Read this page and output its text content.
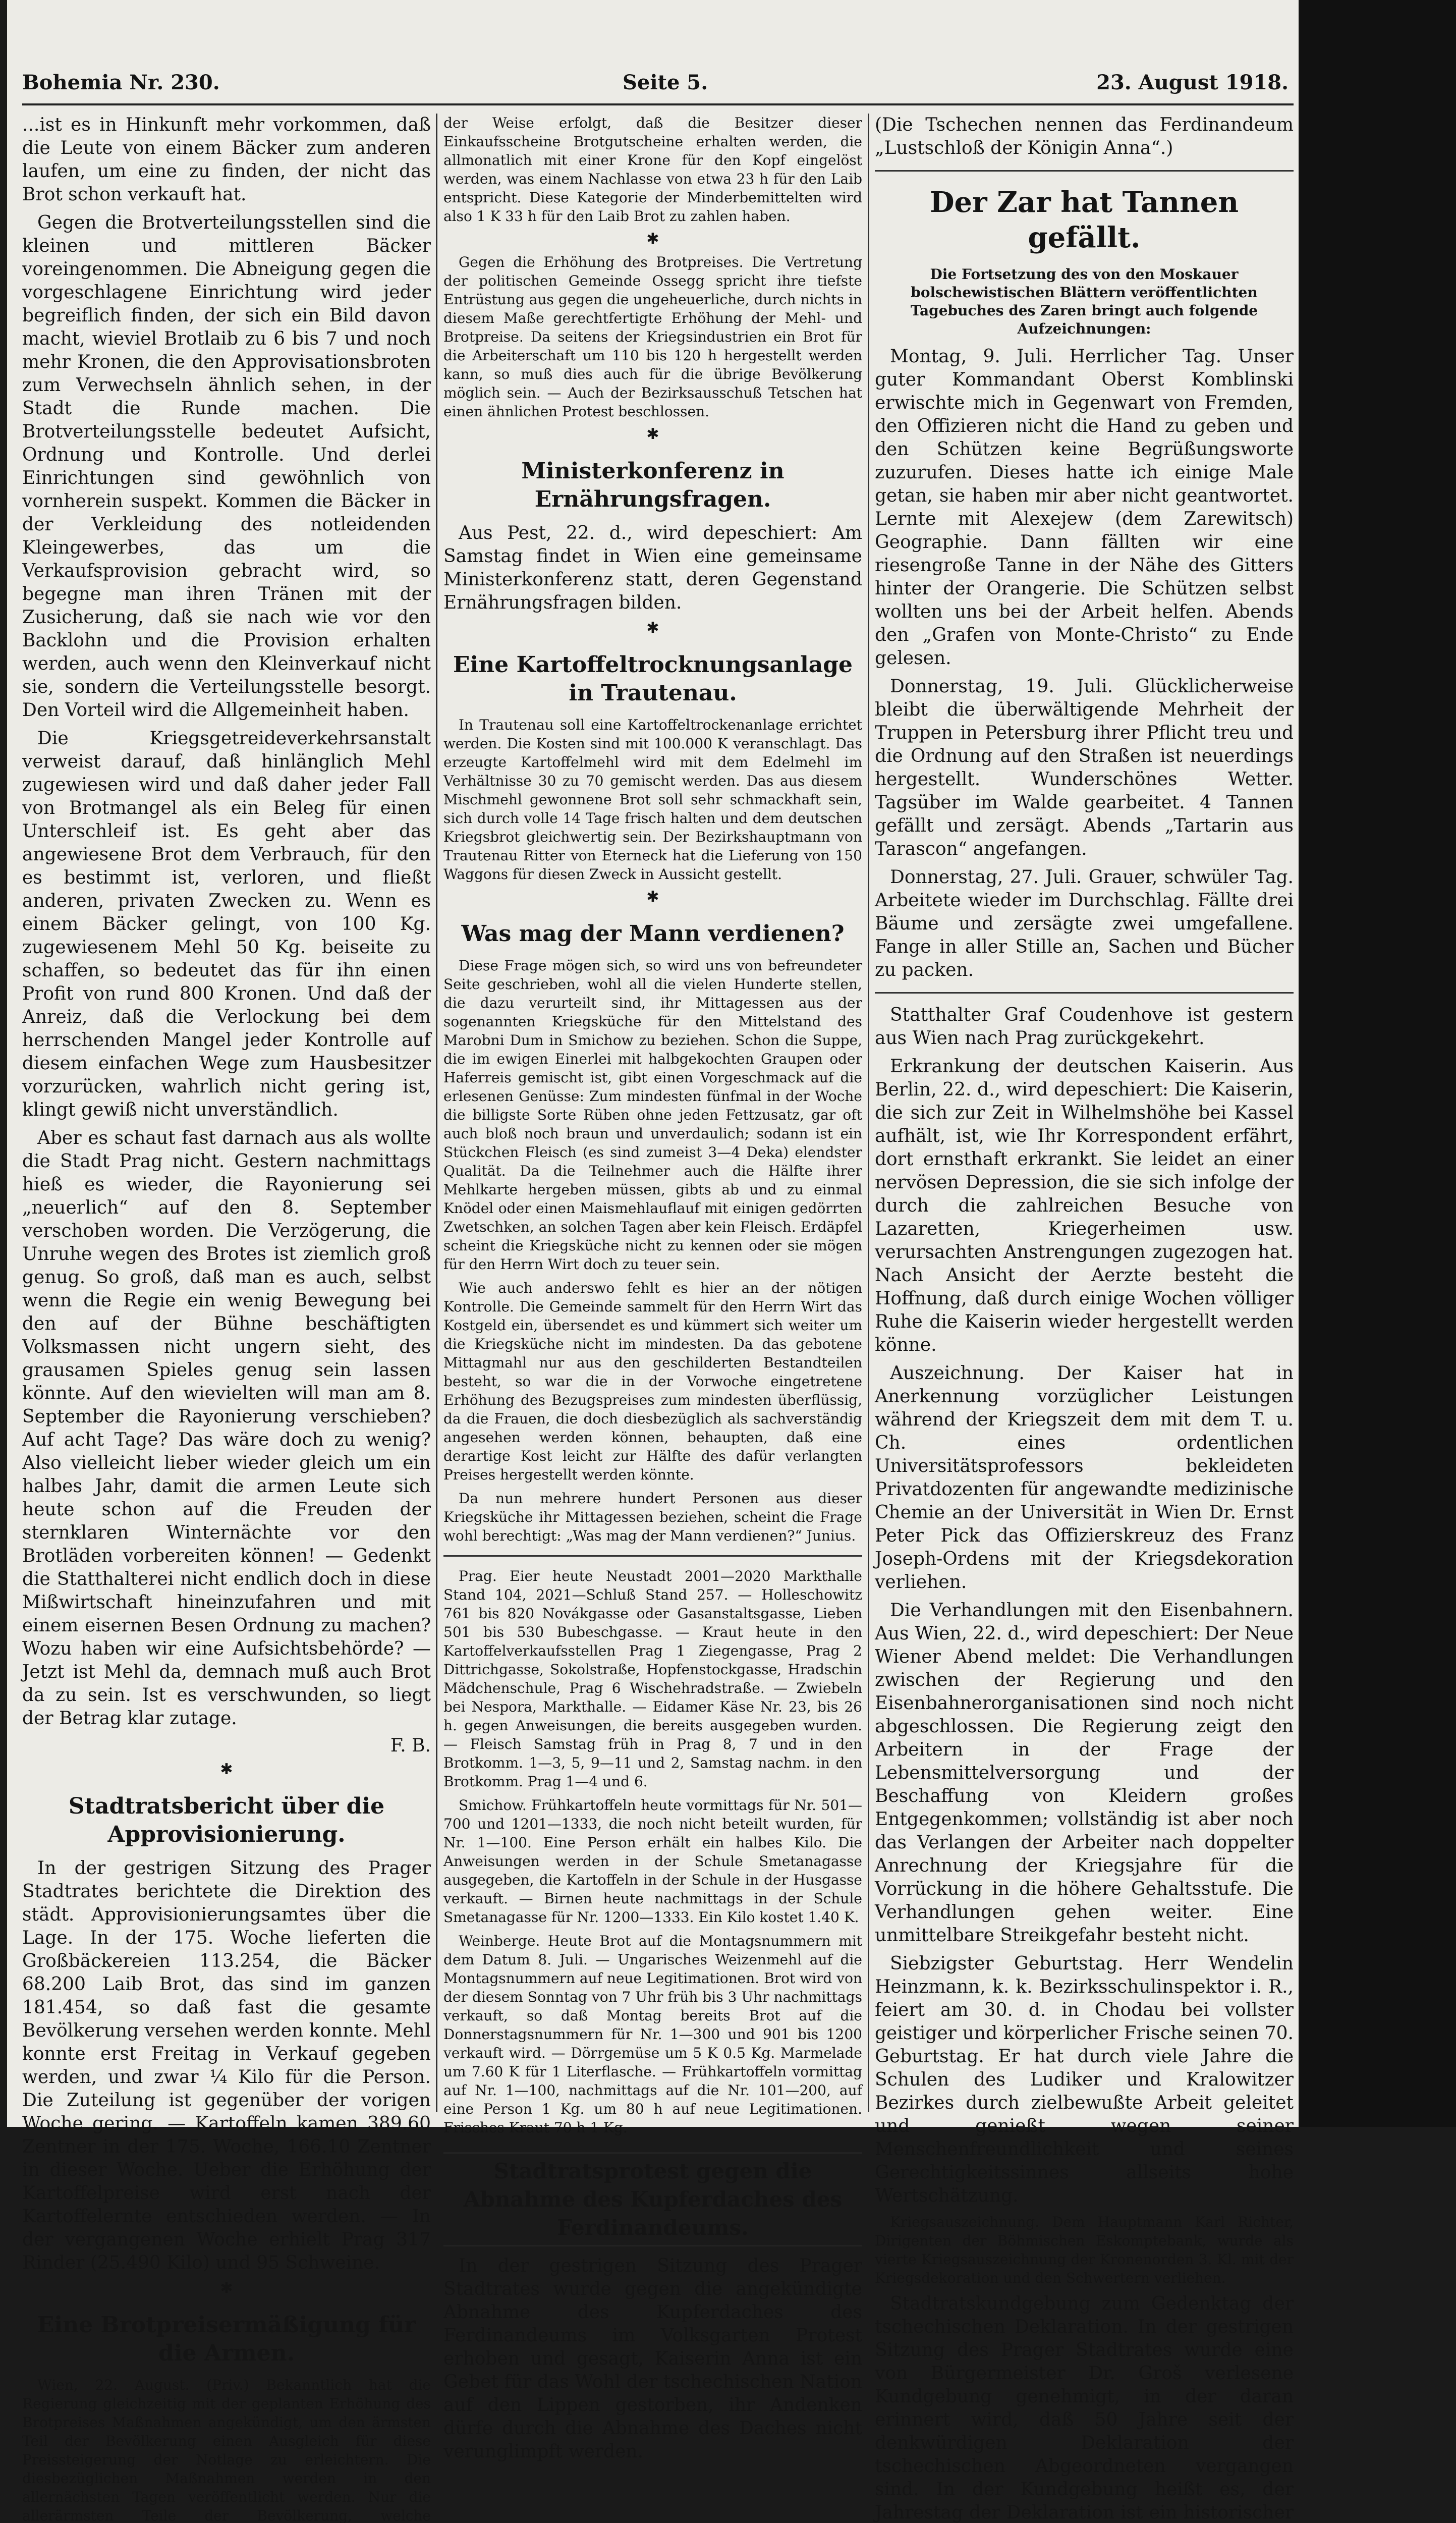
Bohemia Nr. 230.	Seite 5.	23. August 1918.

...ist es in Hinkunft mehr vorkommen, daß die Leute von einem Bäcker zum anderen laufen, um eine zu finden, der nicht das Brot schon verkauft hat.

Gegen die Brotverteilungsstellen sind die kleinen und mittleren Bäcker voreingenommen. Die Abneigung gegen die vorgeschlagene Einrichtung wird jeder begreiflich finden, der sich ein Bild davon macht, wieviel Brotlaib zu 6 bis 7 und noch mehr Kronen, die den Approvisationsbroten zum Verwechseln ähnlich sehen, in der Stadt die Runde machen. Die Brotverteilungsstelle bedeutet Aufsicht, Ordnung und Kontrolle. Und derlei Einrichtungen sind gewöhnlich von vornherein suspekt. Kommen die Bäcker in der Verkleidung des notleidenden Kleingewerbes, das um die Verkaufsprovision gebracht wird, so begegne man ihren Tränen mit der Zusicherung, daß sie nach wie vor den Backlohn und die Provision erhalten werden, auch wenn den Kleinverkauf nicht sie, sondern die Verteilungsstelle besorgt. Den Vorteil wird die Allgemeinheit haben.

Die Kriegsgetreideverkehrsanstalt verweist darauf, daß hinlänglich Mehl zugewiesen wird und daß daher jeder Fall von Brotmangel als ein Beleg für einen Unterschleif ist. Es geht aber das angewiesene Brot dem Verbrauch, für den es bestimmt ist, verloren, und fließt anderen, privaten Zwecken zu. Wenn es einem Bäcker gelingt, von 100 Kg. zugewiesenem Mehl 50 Kg. beiseite zu schaffen, so bedeutet das für ihn einen Profit von rund 800 Kronen. Und daß der Anreiz, daß die Verlockung bei dem herrschenden Mangel jeder Kontrolle auf diesem einfachen Wege zum Hausbesitzer vorzurücken, wahrlich nicht gering ist, klingt gewiß nicht unverständlich.

Aber es schaut fast darnach aus als wollte die Stadt Prag nicht. Gestern nachmittags hieß es wieder, die Rayonierung sei „neuerlich“ auf den 8. September verschoben worden. Die Verzögerung, die Unruhe wegen des Brotes ist ziemlich groß genug. So groß, daß man es auch, selbst wenn die Regie ein wenig Bewegung bei den auf der Bühne beschäftigten Volksmassen nicht ungern sieht, des grausamen Spieles genug sein lassen könnte. Auf den wievielten will man am 8. September die Rayonierung verschieben? Auf acht Tage? Das wäre doch zu wenig? Also vielleicht lieber wieder gleich um ein halbes Jahr, damit die armen Leute sich heute schon auf die Freuden der sternklaren Winternächte vor den Brotläden vorbereiten können! — Gedenkt die Statthalterei nicht endlich doch in diese Mißwirtschaft hineinzufahren und mit einem eisernen Besen Ordnung zu machen? Wozu haben wir eine Aufsichtsbehörde? — Jetzt ist Mehl da, demnach muß auch Brot da zu sein. Ist es verschwunden, so liegt der Betrag klar zutage.

F. B.

✱

Stadtratsbericht über die Approvisionierung.

In der gestrigen Sitzung des Prager Stadtrates berichtete die Direktion des städt. Approvisionierungsamtes über die Lage. In der 175. Woche lieferten die Großbäckereien 113.254, die Bäcker 68.200 Laib Brot, das sind im ganzen 181.454, so daß fast die gesamte Bevölkerung versehen werden konnte. Mehl konnte erst Freitag in Verkauf gegeben werden, und zwar ¼ Kilo für die Person. Die Zuteilung ist gegenüber der vorigen Woche gering. — Kartoffeln kamen 389.60 Zentner in der 175. Woche, 166.10 Zentner in dieser Woche. Ueber die Erhöhung der Kartoffelpreise wird erst nach der Kartoffelernte entschieden werden. — In der vergangenen Woche erhielt Prag 317 Rinder (25.490 Kilo) und 95 Schweine.

✱

Eine Brotpreisermäßigung für die Armen.

Wien, 22. August. (Priv.) Bekanntlich hat die Regierung gleichzeitig mit der geplanten Erhöhung des Brotpreises Maßnahmen angekündigt, um den ärmsten Teil der Bevölkerung einen Ausgleich für diese Preissteigerung der Notlage zu erleichtern. Die diesbezüglichen Maßnahmen werden in den allernächsten Tagen veröffentlicht werden. Nur die allerärmsten Teile der Bevölkerung, welche

der Weise erfolgt, daß die Besitzer dieser Einkaufsscheine Brotgutscheine erhalten werden, die allmonatlich mit einer Krone für den Kopf eingelöst werden, was einem Nachlasse von etwa 23 h für den Laib entspricht. Diese Kategorie der Minderbemittelten wird also 1 K 33 h für den Laib Brot zu zahlen haben.

✱

Gegen die Erhöhung des Brotpreises. Die Vertretung der politischen Gemeinde Ossegg spricht ihre tiefste Entrüstung aus gegen die ungeheuerliche, durch nichts in diesem Maße gerechtfertigte Erhöhung der Mehl- und Brotpreise. Da seitens der Kriegsindustrien ein Brot für die Arbeiterschaft um 110 bis 120 h hergestellt werden kann, so muß dies auch für die übrige Bevölkerung möglich sein. — Auch der Bezirksausschuß Tetschen hat einen ähnlichen Protest beschlossen.

✱

Ministerkonferenz in Ernährungsfragen.

Aus Pest, 22. d., wird depeschiert: Am Samstag findet in Wien eine gemeinsame Ministerkonferenz statt, deren Gegenstand Ernährungsfragen bilden.

✱

Eine Kartoffeltrocknungsanlage in Trautenau.

In Trautenau soll eine Kartoffeltrockenanlage errichtet werden. Die Kosten sind mit 100.000 K veranschlagt. Das erzeugte Kartoffelmehl wird mit dem Edelmehl im Verhältnisse 30 zu 70 gemischt werden. Das aus diesem Mischmehl gewonnene Brot soll sehr schmackhaft sein, sich durch volle 14 Tage frisch halten und dem deutschen Kriegsbrot gleichwertig sein. Der Bezirkshauptmann von Trautenau Ritter von Eterneck hat die Lieferung von 150 Waggons für diesen Zweck in Aussicht gestellt.

✱

Was mag der Mann verdienen?

Diese Frage mögen sich, so wird uns von befreundeter Seite geschrieben, wohl all die vielen Hunderte stellen, die dazu verurteilt sind, ihr Mittagessen aus der sogenannten Kriegsküche für den Mittelstand des Marobni Dum in Smichow zu beziehen. Schon die Suppe, die im ewigen Einerlei mit halbgekochten Graupen oder Haferreis gemischt ist, gibt einen Vorgeschmack auf die erlesenen Genüsse: Zum mindesten fünfmal in der Woche die billigste Sorte Rüben ohne jeden Fettzusatz, gar oft auch bloß noch braun und unverdaulich; sodann ist ein Stückchen Fleisch (es sind zumeist 3—4 Deka) elendster Qualität. Da die Teilnehmer auch die Hälfte ihrer Mehlkarte hergeben müssen, gibts ab und zu einmal Knödel oder einen Maismehlauflauf mit einigen gedörrten Zwetschken, an solchen Tagen aber kein Fleisch. Erdäpfel scheint die Kriegsküche nicht zu kennen oder sie mögen für den Herrn Wirt doch zu teuer sein.

Wie auch anderswo fehlt es hier an der nötigen Kontrolle. Die Gemeinde sammelt für den Herrn Wirt das Kostgeld ein, übersendet es und kümmert sich weiter um die Kriegsküche nicht im mindesten. Da das gebotene Mittagmahl nur aus den geschilderten Bestandteilen besteht, so war die in der Vorwoche eingetretene Erhöhung des Bezugspreises zum mindesten überflüssig, da die Frauen, die doch diesbezüglich als sachverständig angesehen werden können, behaupten, daß eine derartige Kost leicht zur Hälfte des dafür verlangten Preises hergestellt werden könnte.

Da nun mehrere hundert Personen aus dieser Kriegsküche ihr Mittagessen beziehen, scheint die Frage wohl berechtigt: „Was mag der Mann verdienen?“ Junius.

Prag. Eier heute Neustadt 2001—2020 Markthalle Stand 104, 2021—Schluß Stand 257. — Holleschowitz 761 bis 820 Novákgasse oder Gasanstaltsgasse, Lieben 501 bis 530 Bubeschgasse. — Kraut heute in den Kartoffelverkaufsstellen Prag 1 Ziegengasse, Prag 2 Dittrichgasse, Sokolstraße, Hopfenstockgasse, Hradschin Mädchenschule, Prag 6 Wischehradstraße. — Zwiebeln bei Nespora, Markthalle. — Eidamer Käse Nr. 23, bis 26 h. gegen Anweisungen, die bereits ausgegeben wurden. — Fleisch Samstag früh in Prag 8, 7 und in den Brotkomm. 1—3, 5, 9—11 und 2, Samstag nachm. in den Brotkomm. Prag 1—4 und 6.

Smichow. Frühkartoffeln heute vormittags für Nr. 501—700 und 1201—1333, die noch nicht beteilt wurden, für Nr. 1—100. Eine Person erhält ein halbes Kilo. Die Anweisungen werden in der Schule Smetanagasse ausgegeben, die Kartoffeln in der Schule in der Husgasse verkauft. — Birnen heute nachmittags in der Schule Smetanagasse für Nr. 1200—1333. Ein Kilo kostet 1.40 K.

Weinberge. Heute Brot auf die Montagsnummern mit dem Datum 8. Juli. — Ungarisches Weizenmehl auf die Montagsnummern auf neue Legitimationen. Brot wird von der diesem Sonntag von 7 Uhr früh bis 3 Uhr nachmittags verkauft, so daß Montag bereits Brot auf die Donnerstagsnummern für Nr. 1—300 und 901 bis 1200 verkauft wird. — Dörrgemüse um 5 K 0.5 Kg. Marmelade um 7.60 K für 1 Literflasche. — Frühkartoffeln vormittag auf Nr. 1—100, nachmittags auf die Nr. 101—200, auf eine Person 1 Kg. um 80 h auf neue Legitimationen. Frisches Kraut 70 h 1 Kg.

Stadtratsprotest gegen die Abnahme des Kupferdaches des Ferdinandeums.

In der gestrigen Sitzung des Prager Stadtrates wurde gegen die angekündigte Abnahme des Kupferdaches des Ferdinandeums im Volksgarten Protest erhoben und gesagt, Kaiserin Anna ist ein Gebet für das Wohl der tschechischen Nation auf den Lippen gestorben, ihr Andenken dürfe durch die Abnahme des Daches nicht verunglimpft werden.

(Die Tschechen nennen das Ferdinandeum „Lustschloß der Königin Anna“.)

Der Zar hat Tannen gefällt.

Die Fortsetzung des von den Moskauer bolschewistischen Blättern veröffentlichten Tagebuches des Zaren bringt auch folgende Aufzeichnungen:

Montag, 9. Juli. Herrlicher Tag. Unser guter Kommandant Oberst Komblinski erwischte mich in Gegenwart von Fremden, den Offizieren nicht die Hand zu geben und den Schützen keine Begrüßungsworte zuzurufen. Dieses hatte ich einige Male getan, sie haben mir aber nicht geantwortet. Lernte mit Alexejew (dem Zarewitsch) Geographie. Dann fällten wir eine riesengroße Tanne in der Nähe des Gitters hinter der Orangerie. Die Schützen selbst wollten uns bei der Arbeit helfen. Abends den „Grafen von Monte-Christo“ zu Ende gelesen.

Donnerstag, 19. Juli. Glücklicherweise bleibt die überwältigende Mehrheit der Truppen in Petersburg ihrer Pflicht treu und die Ordnung auf den Straßen ist neuerdings hergestellt. Wunderschönes Wetter. Tagsüber im Walde gearbeitet. 4 Tannen gefällt und zersägt. Abends „Tartarin aus Tarascon“ angefangen.

Donnerstag, 27. Juli. Grauer, schwüler Tag. Arbeitete wieder im Durchschlag. Fällte drei Bäume und zersägte zwei umgefallene. Fange in aller Stille an, Sachen und Bücher zu packen.

Statthalter Graf Coudenhove ist gestern aus Wien nach Prag zurückgekehrt.

Erkrankung der deutschen Kaiserin. Aus Berlin, 22. d., wird depeschiert: Die Kaiserin, die sich zur Zeit in Wilhelmshöhe bei Kassel aufhält, ist, wie Ihr Korrespondent erfährt, dort ernsthaft erkrankt. Sie leidet an einer nervösen Depression, die sie sich infolge der durch die zahlreichen Besuche von Lazaretten, Kriegerheimen usw. verursachten Anstrengungen zugezogen hat. Nach Ansicht der Aerzte besteht die Hoffnung, daß durch einige Wochen völliger Ruhe die Kaiserin wieder hergestellt werden könne.

Auszeichnung. Der Kaiser hat in Anerkennung vorzüglicher Leistungen während der Kriegszeit dem mit dem T. u. Ch. eines ordentlichen Universitätsprofessors bekleideten Privatdozenten für angewandte medizinische Chemie an der Universität in Wien Dr. Ernst Peter Pick das Offizierskreuz des Franz Joseph-Ordens mit der Kriegsdekoration verliehen.

Die Verhandlungen mit den Eisenbahnern. Aus Wien, 22. d., wird depeschiert: Der Neue Wiener Abend meldet: Die Verhandlungen zwischen der Regierung und den Eisenbahnerorganisationen sind noch nicht abgeschlossen. Die Regierung zeigt den Arbeitern in der Frage der Lebensmittelversorgung und der Beschaffung von Kleidern großes Entgegenkommen; vollständig ist aber noch das Verlangen der Arbeiter nach doppelter Anrechnung der Kriegsjahre für die Vorrückung in die höhere Gehaltsstufe. Die Verhandlungen gehen weiter. Eine unmittelbare Streikgefahr besteht nicht.

Siebzigster Geburtstag. Herr Wendelin Heinzmann, k. k. Bezirksschulinspektor i. R., feiert am 30. d. in Chodau bei vollster geistiger und körperlicher Frische seinen 70. Geburtstag. Er hat durch viele Jahre die Schulen des Ludiker und Kralowitzer Bezirkes durch zielbewußte Arbeit geleitet und genießt wegen seiner Menschenfreundlichkeit und seines Gerechtigkeitssinnes allseits hohe Wertschätzung.

Kriegsauszeichnung. Dem Hauptmann Karl Richter, Dirigenten der Böhmischen Eskomptebank, wurde als vierte Kriegsauszeichnung der Kronenorden 3. Kl. mit der Kriegsdekoration und den Schwertern verliehen.

Stadtratskundgebung zum Gedenktag der tschechischen Deklaration. In der gestrigen Sitzung des Prager Stadtrates wurde eine von Bürgermeister Dr. Groš verlesene Kundgebung genehmigt, in der daran erinnert wird, daß 50 Jahre seit der denkwürdigen Deklaration der tschechischen Abgeordneten vergangen sind. In der Kundgebung heißt es, der Jahrestag der Deklaration ist ein historischer
